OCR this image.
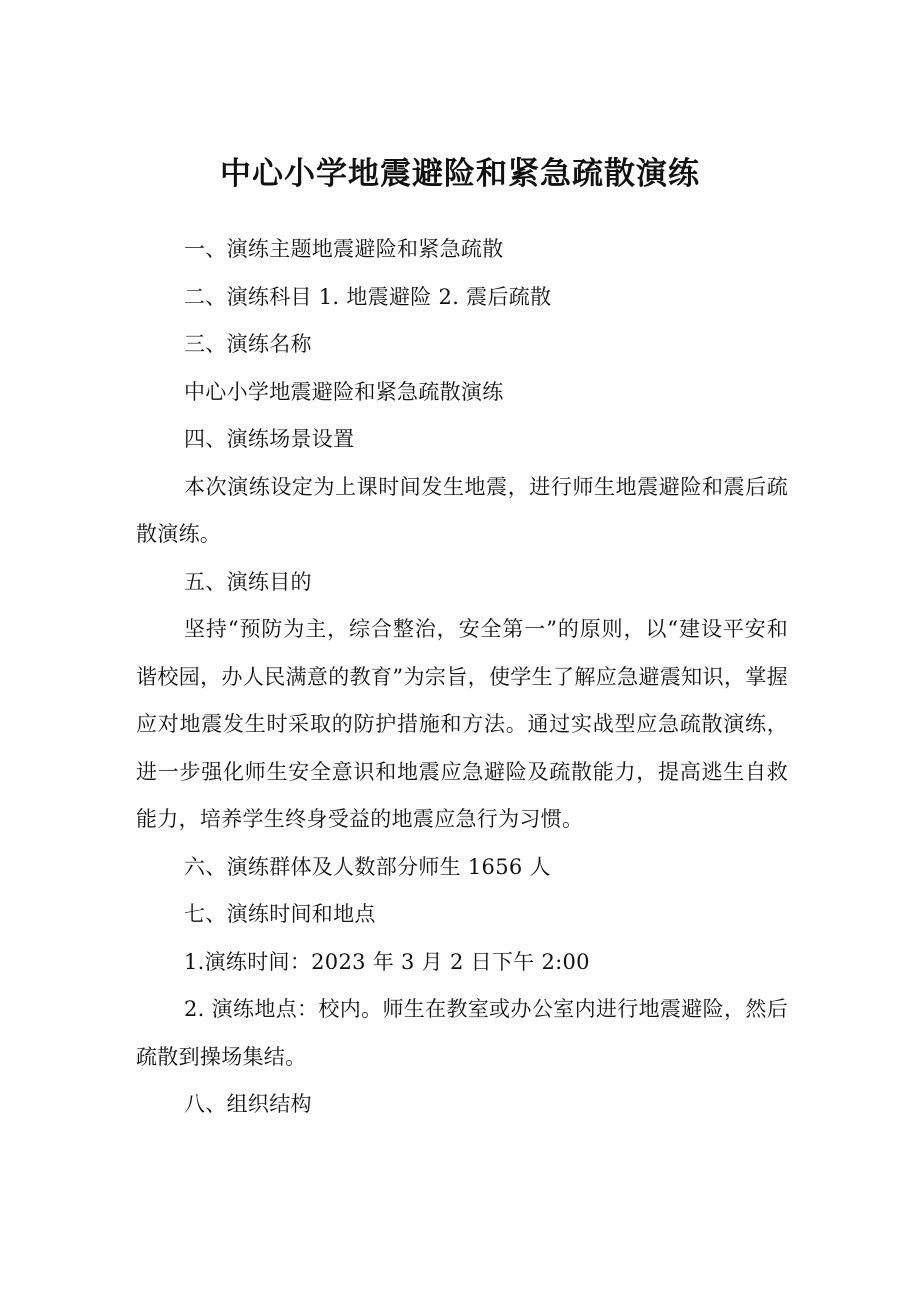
中心小学地震避险和紧急疏散演练

一、演练主题地震避险和紧急疏散

二、演练科目 1. 地震避险 2. 震后疏散

三、演练名称

中心小学地震避险和紧急疏散演练

四、演练场景设置

本次演练设定为上课时间发生地震，进行师生地震避险和震后疏散演练。

五、演练目的

坚持“预防为主，综合整治，安全第一”的原则，以“建设平安和谐校园，办人民满意的教育”为宗旨，使学生了解应急避震知识，掌握应对地震发生时采取的防护措施和方法。通过实战型应急疏散演练，进一步强化师生安全意识和地震应急避险及疏散能力，提高逃生自救能力，培养学生终身受益的地震应急行为习惯。

六、演练群体及人数部分师生 1656 人

七、演练时间和地点

1.演练时间：2023 年 3 月 2 日下午 2:00

2. 演练地点：校内。师生在教室或办公室内进行地震避险，然后疏散到操场集结。

八、组织结构
